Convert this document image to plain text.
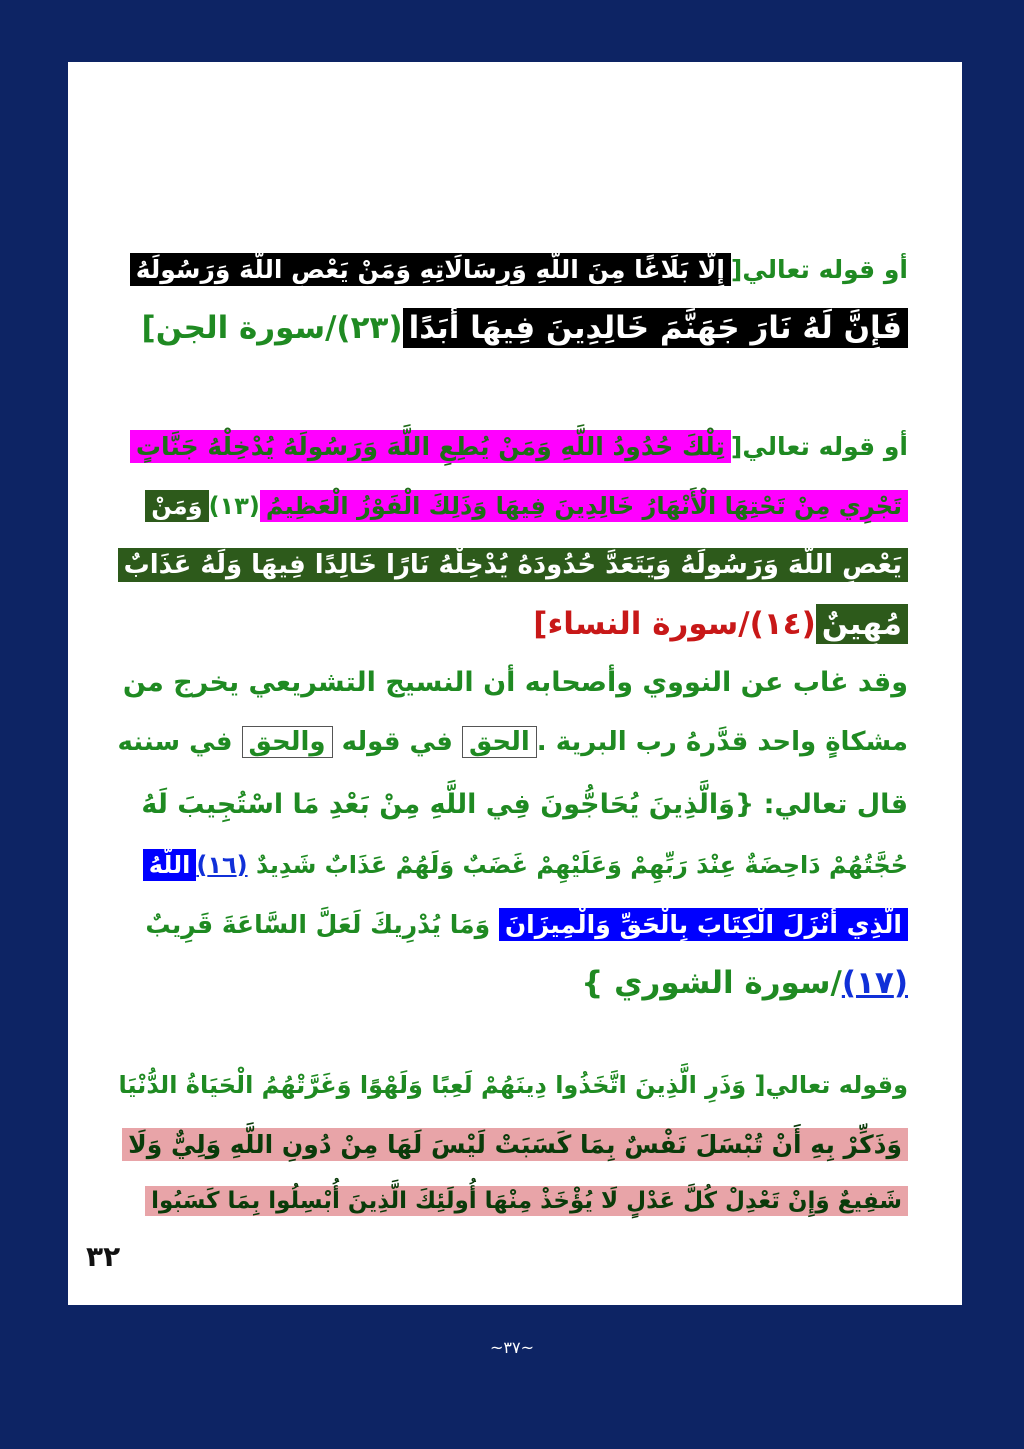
أو قوله تعالي[إِلَّا بَلَاغًا مِنَ اللَّهِ وَرِسَالَاتِهِ وَمَنْ يَعْصِ اللَّهَ وَرَسُولَهُ
فَإِنَّ لَهُ نَارَ جَهَنَّمَ خَالِدِينَ فِيهَا أَبَدًا(٢٣)/سورة الجن]
أو قوله تعالي[تِلْكَ حُدُودُ اللَّهِ وَمَنْ يُطِعِ اللَّهَ وَرَسُولَهُ يُدْخِلْهُ جَنَّاتٍ
تَجْرِي مِنْ تَحْتِهَا الْأَنْهَارُ خَالِدِينَ فِيهَا وَذَلِكَ الْفَوْزُ الْعَظِيمُ(١٣)وَمَنْ
يَعْصِ اللَّهَ وَرَسُولَهُ وَيَتَعَدَّ حُدُودَهُ يُدْخِلْهُ نَارًا خَالِدًا فِيهَا وَلَهُ عَذَابٌ
مُهِينٌ(١٤)/سورة النساء]
وقد غاب عن النووي وأصحابه أن النسيج التشريعي يخرج من
مشكاةٍ واحد قدَّرهُ رب البرية .الحق في قوله والحق في سننه
قال تعالي: {وَالَّذِينَ يُحَاجُّونَ فِي اللَّهِ مِنْ بَعْدِ مَا اسْتُجِيبَ لَهُ
حُجَّتُهُمْ دَاحِضَةٌ عِنْدَ رَبِّهِمْ وَعَلَيْهِمْ غَضَبٌ وَلَهُمْ عَذَابٌ شَدِيدٌ (١٦)اللَّهُ
الَّذِي أَنْزَلَ الْكِتَابَ بِالْحَقِّ وَالْمِيزَانَ وَمَا يُدْرِيكَ لَعَلَّ السَّاعَةَ قَرِيبٌ
(١٧)/سورة الشوري }
وقوله تعالي[ وَذَرِ الَّذِينَ اتَّخَذُوا دِينَهُمْ لَعِبًا وَلَهْوًا وَغَرَّتْهُمُ الْحَيَاةُ الدُّنْيَا
وَذَكِّرْ بِهِ أَنْ تُبْسَلَ نَفْسٌ بِمَا كَسَبَتْ لَيْسَ لَهَا مِنْ دُونِ اللَّهِ وَلِيٌّ وَلَا
شَفِيعٌ وَإِنْ تَعْدِلْ كُلَّ عَدْلٍ لَا يُؤْخَذْ مِنْهَا أُولَئِكَ الَّذِينَ أُبْسِلُوا بِمَا كَسَبُوا
٣٢
~٣٧~
